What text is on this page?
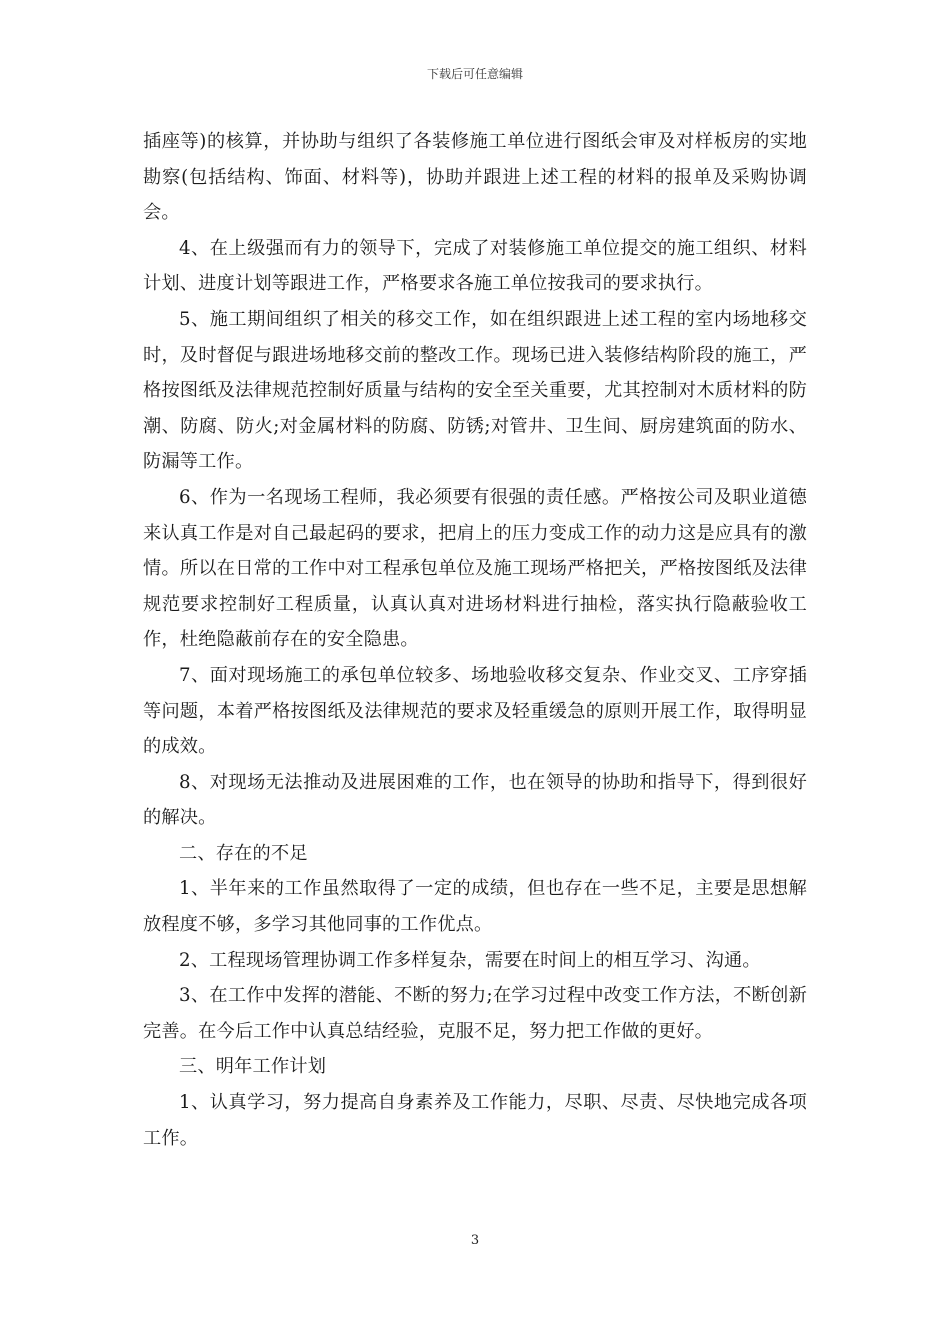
下载后可任意编辑

插座等)的核算，并协助与组织了各装修施工单位进行图纸会审及对样板房的实地勘察(包括结构、饰面、材料等)，协助并跟进上述工程的材料的报单及采购协调会。

4、在上级强而有力的领导下，完成了对装修施工单位提交的施工组织、材料计划、进度计划等跟进工作，严格要求各施工单位按我司的要求执行。

5、施工期间组织了相关的移交工作，如在组织跟进上述工程的室内场地移交时，及时督促与跟进场地移交前的整改工作。现场已进入装修结构阶段的施工，严格按图纸及法律规范控制好质量与结构的安全至关重要，尤其控制对木质材料的防潮、防腐、防火;对金属材料的防腐、防锈;对管井、卫生间、厨房建筑面的防水、防漏等工作。

6、作为一名现场工程师，我必须要有很强的责任感。严格按公司及职业道德来认真工作是对自己最起码的要求，把肩上的压力变成工作的动力这是应具有的激情。所以在日常的工作中对工程承包单位及施工现场严格把关，严格按图纸及法律规范要求控制好工程质量，认真认真对进场材料进行抽检，落实执行隐蔽验收工作，杜绝隐蔽前存在的安全隐患。

7、面对现场施工的承包单位较多、场地验收移交复杂、作业交叉、工序穿插等问题，本着严格按图纸及法律规范的要求及轻重缓急的原则开展工作，取得明显的成效。

8、对现场无法推动及进展困难的工作，也在领导的协助和指导下，得到很好的解决。

二、存在的不足

1、半年来的工作虽然取得了一定的成绩，但也存在一些不足，主要是思想解放程度不够，多学习其他同事的工作优点。

2、工程现场管理协调工作多样复杂，需要在时间上的相互学习、沟通。

3、在工作中发挥的潜能、不断的努力;在学习过程中改变工作方法，不断创新完善。在今后工作中认真总结经验，克服不足，努力把工作做的更好。

三、明年工作计划

1、认真学习，努力提高自身素养及工作能力，尽职、尽责、尽快地完成各项工作。

3
